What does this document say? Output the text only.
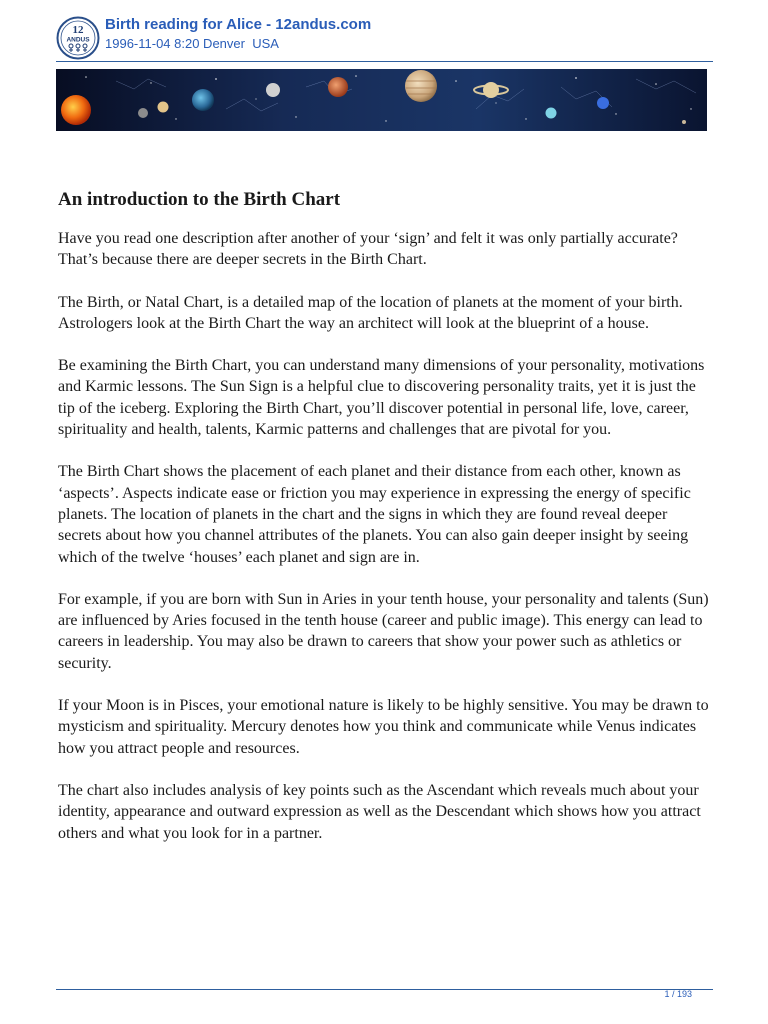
12
ANDUS
Birth reading for Alice - 12andus.com
1996-11-04 8:20 Denver  USA
An introduction to the Birth Chart

Have you read one description after another of your ‘sign’ and felt it was only partially accurate? That’s because there are deeper secrets in the Birth Chart.

The Birth, or Natal Chart, is a detailed map of the location of planets at the moment of your birth. Astrologers look at the Birth Chart the way an architect will look at the blueprint of a house.

Be examining the Birth Chart, you can understand many dimensions of your personality, motivations and Karmic lessons. The Sun Sign is a helpful clue to discovering personality traits, yet it is just the tip of the iceberg. Exploring the Birth Chart, you’ll discover potential in personal life, love, career, spirituality and health, talents, Karmic patterns and challenges that are pivotal for you.

The Birth Chart shows the placement of each planet and their distance from each other, known as ‘aspects’. Aspects indicate ease or friction you may experience in expressing the energy of specific planets. The location of planets in the chart and the signs in which they are found reveal deeper secrets about how you channel attributes of the planets. You can also gain deeper insight by seeing which of the twelve ‘houses’ each planet and sign are in.

For example, if you are born with Sun in Aries in your tenth house, your personality and talents (Sun) are influenced by Aries focused in the tenth house (career and public image). This energy can lead to careers in leadership. You may also be drawn to careers that show your power such as athletics or security.

If your Moon is in Pisces, your emotional nature is likely to be highly sensitive. You may be drawn to mysticism and spirituality. Mercury denotes how you think and communicate while Venus indicates how you attract people and resources.

The chart also includes analysis of key points such as the Ascendant which reveals much about your identity, appearance and outward expression as well as the Descendant which shows how you attract others and what you look for in a partner.

1 / 193
